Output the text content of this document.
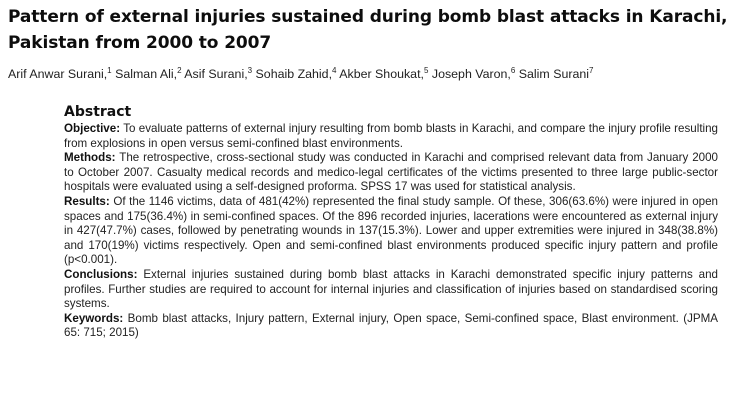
Pattern of external injuries sustained during bomb blast attacks in Karachi, Pakistan from 2000 to 2007
Arif Anwar Surani,$^1$ Salman Ali,$^2$ Asif Surani,$^3$ Sohaib Zahid,$^4$ Akber Shoukat,$^5$ Joseph Varon,$^6$ Salim Surani$^7$
Abstract

Objective: To evaluate patterns of external injury resulting from bomb blasts in Karachi, and compare the injury profile resulting from explosions in open versus semi-confined blast environments.

Methods: The retrospective, cross-sectional study was conducted in Karachi and comprised relevant data from January 2000 to October 2007. Casualty medical records and medico-legal certificates of the victims presented to three large public-sector hospitals were evaluated using a self-designed proforma. SPSS 17 was used for statistical analysis.

Results: Of the 1146 victims, data of 481(42%) represented the final study sample. Of these, 306(63.6%) were injured in open spaces and 175(36.4%) in semi-confined spaces. Of the 896 recorded injuries, lacerations were encountered as external injury in 427(47.7%) cases, followed by penetrating wounds in 137(15.3%). Lower and upper extremities were injured in 348(38.8%) and 170(19%) victims respectively. Open and semi-confined blast environments produced specific injury pattern and profile (p<0.001).

Conclusions: External injuries sustained during bomb blast attacks in Karachi demonstrated specific injury patterns and profiles. Further studies are required to account for internal injuries and classification of injuries based on standardised scoring systems.

Keywords: Bomb blast attacks, Injury pattern, External injury, Open space, Semi-confined space, Blast environment. (JPMA 65: 715; 2015)
